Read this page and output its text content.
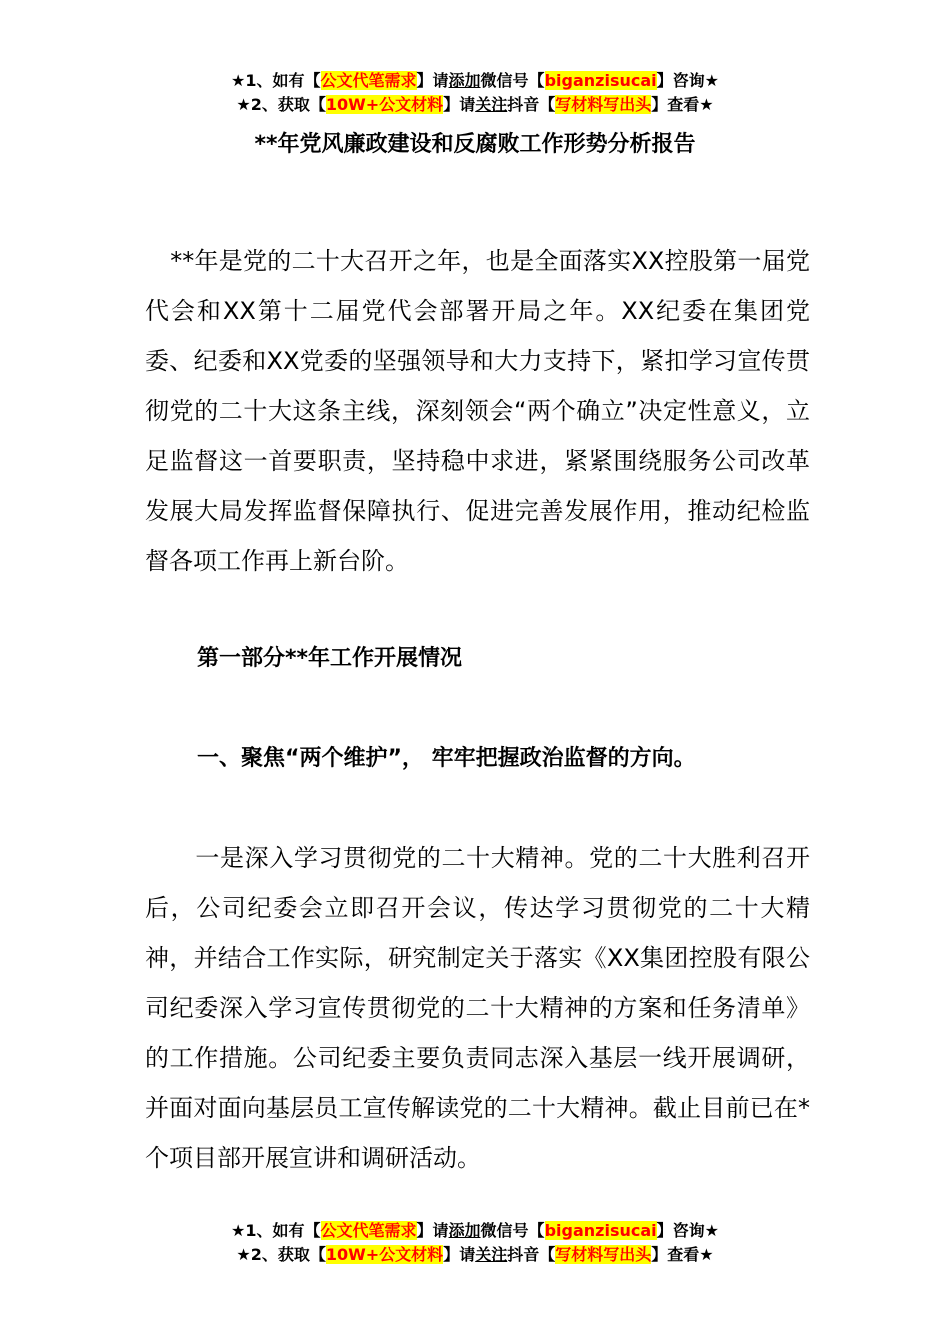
★1、如有【公文代笔需求】请添加微信号【biganzisucai】咨询★
★2、获取【10W+公文材料】请关注抖音【写材料写出头】查看★
**年党风廉政建设和反腐败工作形势分析报告

**年是党的二十大召开之年，也是全面落实XX控股第一届党代会和XX第十二届党代会部署开局之年。XX纪委在集团党委、纪委和XX党委的坚强领导和大力支持下，紧扣学习宣传贯彻党的二十大这条主线，深刻领会“两个确立”决定性意义，立足监督这一首要职责，坚持稳中求进，紧紧围绕服务公司改革发展大局发挥监督保障执行、促进完善发展作用，推动纪检监督各项工作再上新台阶。

第一部分**年工作开展情况
一、聚焦“两个维护”， 牢牢把握政治监督的方向。

一是深入学习贯彻党的二十大精神。党的二十大胜利召开后，公司纪委会立即召开会议，传达学习贯彻党的二十大精神，并结合工作实际，研究制定关于落实《XX集团控股有限公司纪委深入学习宣传贯彻党的二十大精神的方案和任务清单》的工作措施。公司纪委主要负责同志深入基层一线开展调研，并面对面向基层员工宣传解读党的二十大精神。截止目前已在*个项目部开展宣讲和调研活动。

★1、如有【公文代笔需求】请添加微信号【biganzisucai】咨询★
★2、获取【10W+公文材料】请关注抖音【写材料写出头】查看★
